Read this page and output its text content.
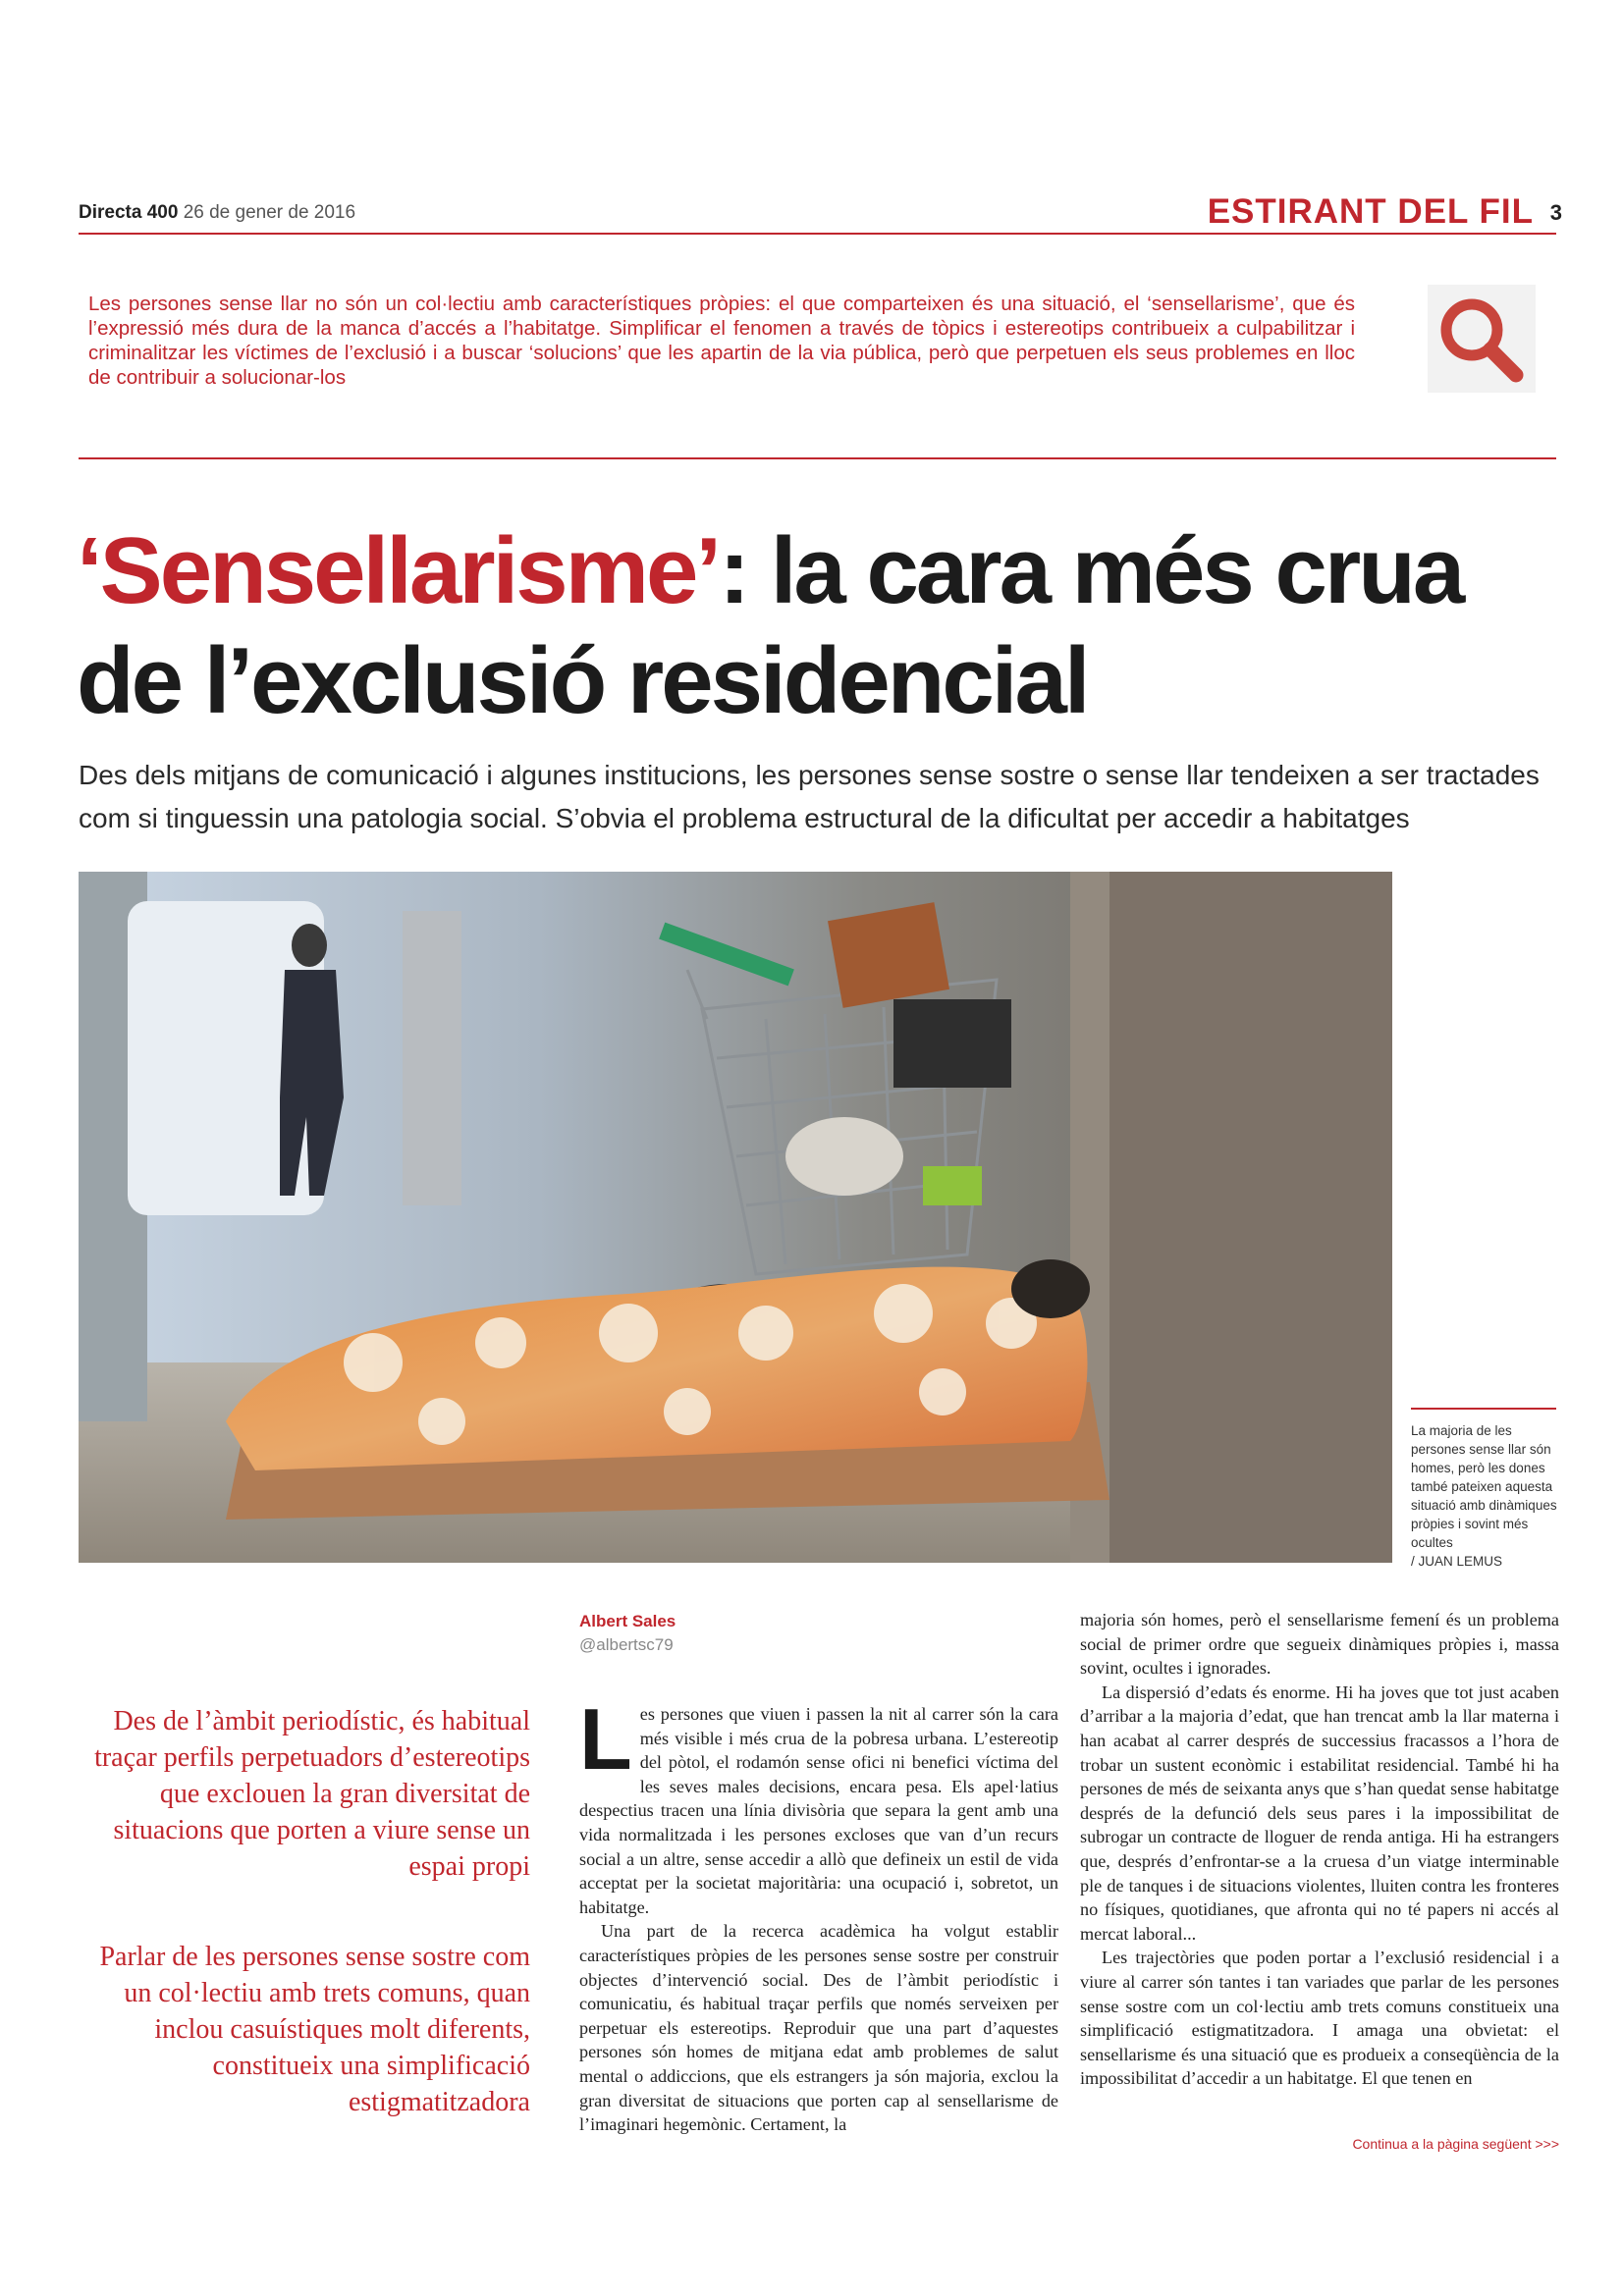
Directa 400 26 de gener de 2016	ESTIRANT DEL FIL 3
Les persones sense llar no són un col·lectiu amb característiques pròpies: el que comparteixen és una situació, el ‘sensellarisme’, que és l’expressió més dura de la manca d’accés a l’habitatge. Simplificar el fenomen a través de tòpics i estereotips contribueix a culpabilitzar i criminalitzar les víctimes de l’exclusió i a buscar ‘solucions’ que les apartin de la via pública, però que perpetuen els seus problemes en lloc de contribuir a solucionar-los
‘Sensellarisme’: la cara més crua de l’exclusió residencial
Des dels mitjans de comunicació i algunes institucions, les persones sense sostre o sense llar tendeixen a ser tractades com si tinguessin una patologia social. S’obvia el problema estructural de la dificultat per accedir a habitatges
La majoria de les persones sense llar són homes, però les dones també pateixen aquesta situació amb dinàmiques pròpies i sovint més ocultes
/ JUAN LEMUS
Des de l’àmbit periodístic, és habitual traçar perfils perpetuadors d’estereotips que exclouen la gran diversitat de situacions que porten a viure sense un espai propi
Parlar de les persones sense sostre com un col·lectiu amb trets comuns, quan inclou casuístiques molt diferents, constitueix una simplificació estigmatitzadora
Albert Sales
@albertsc79

Les persones que viuen i passen la nit al carrer són la cara més visible i més crua de la pobresa urbana. L’estereotip del pòtol, el rodamón sense ofici ni benefici víctima del les seves males decisions, encara pesa. Els apel·latius despectius tracen una línia divisòria que separa la gent amb una vida normalitzada i les persones excloses que van d’un recurs social a un altre, sense accedir a allò que defineix un estil de vida acceptat per la societat majoritària: una ocupació i, sobretot, un habitatge.

Una part de la recerca acadèmica ha volgut establir característiques pròpies de les persones sense sostre per construir objectes d’intervenció social. Des de l’àmbit periodístic i comunicatiu, és habitual traçar perfils que només serveixen per perpetuar els estereotips. Reproduir que una part d’aquestes persones són homes de mitjana edat amb problemes de salut mental o addiccions, que els estrangers ja són majoria, exclou la gran diversitat de situacions que porten cap al sensellarisme de l’imaginari hegemònic. Certament, la

majoria són homes, però el sensellarisme femení és un problema social de primer ordre que segueix dinàmiques pròpies i, massa sovint, ocultes i ignorades.

La dispersió d’edats és enorme. Hi ha joves que tot just acaben d’arribar a la majoria d’edat, que han trencat amb la llar materna i han acabat al carrer després de successius fracassos a l’hora de trobar un sustent econòmic i estabilitat residencial. També hi ha persones de més de seixanta anys que s’han quedat sense habitatge després de la defunció dels seus pares i la impossibilitat de subrogar un contracte de lloguer de renda antiga. Hi ha estrangers que, després d’enfrontar-se a la cruesa d’un viatge interminable ple de tanques i de situacions violentes, lluiten contra les fronteres no físiques, quotidianes, que afronta qui no té papers ni accés al mercat laboral...

Les trajectòries que poden portar a l’exclusió residencial i a viure al carrer són tantes i tan variades que parlar de les persones sense sostre com un col·lectiu amb trets comuns constitueix una simplificació estigmatitzadora. I amaga una obvietat: el sensellarisme és una situació que es produeix a conseqüència de la impossibilitat d’accedir a un habitatge. El que tenen en

Continua a la pàgina següent >>>
